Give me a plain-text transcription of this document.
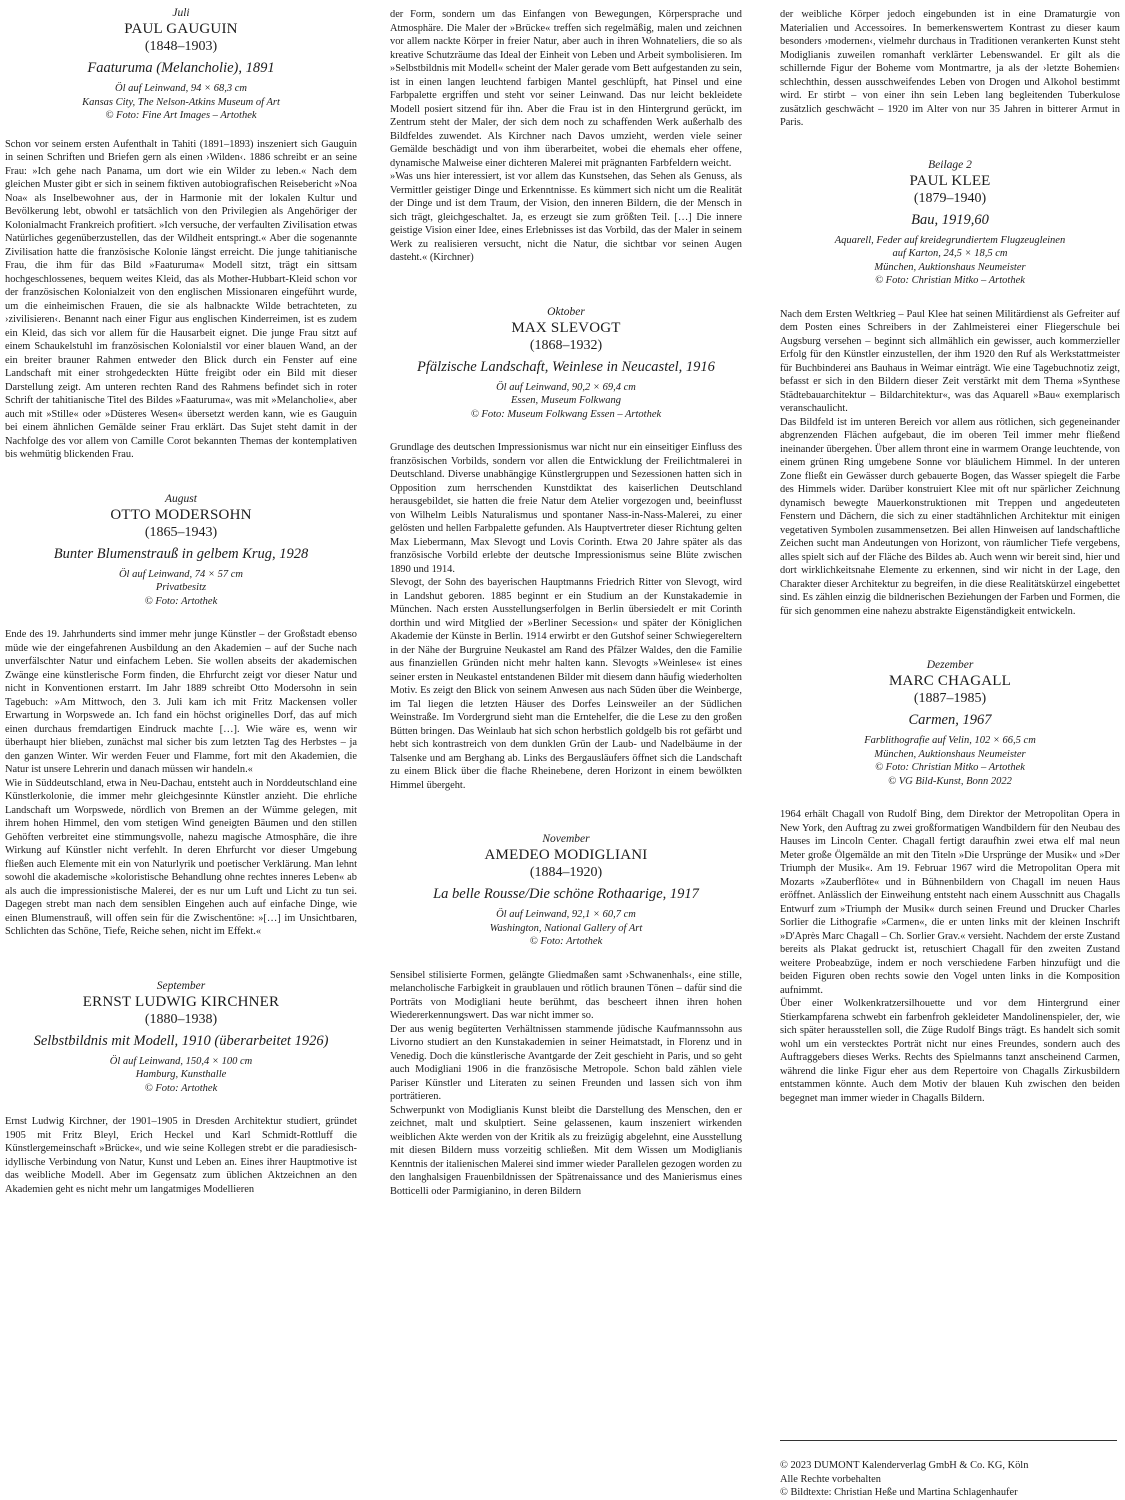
Juli
PAUL GAUGUIN
(1848–1903)
Faaturuma (Melancholie), 1891
Öl auf Leinwand, 94 × 68,3 cm
Kansas City, The Nelson-Atkins Museum of Art
© Foto: Fine Art Images – Artothek

Schon vor seinem ersten Aufenthalt in Tahiti (1891–1893) inszeniert sich Gauguin in seinen Schriften und Briefen gern als einen ›Wilden‹. 1886 schreibt er an seine Frau: »Ich gehe nach Panama, um dort wie ein Wilder zu leben.« Nach dem gleichen Muster gibt er sich in seinem fiktiven autobiografischen Reisebericht »Noa Noa« als Inselbewohner aus, der in Harmonie mit der lokalen Kultur und Bevölkerung lebt, obwohl er tatsächlich von den Privilegien als Angehöriger der Kolonialmacht Frankreich profitiert. »Ich versuche, der verfaulten Zivilisation etwas Natürliches gegenüberzustellen, das der Wildheit entspringt.« Aber die sogenannte Zivilisation hatte die französische Kolonie längst erreicht. Die junge tahitianische Frau, die ihm für das Bild »Faaturuma« Modell sitzt, trägt ein sittsam hochgeschlossenes, bequem weites Kleid, das als Mother-Hubbart-Kleid schon vor der französischen Kolonialzeit von den englischen Missionaren eingeführt wurde, um die einheimischen Frauen, die sie als halbnackte Wilde betrachteten, zu ›zivilisieren‹. Benannt nach einer Figur aus englischen Kinderreimen, ist es zudem ein Kleid, das sich vor allem für die Hausarbeit eignet. Die junge Frau sitzt auf einem Schaukelstuhl im französischen Kolonialstil vor einer blauen Wand, an der ein breiter brauner Rahmen entweder den Blick durch ein Fenster auf eine Landschaft mit einer strohgedeckten Hütte freigibt oder ein Bild mit dieser Darstellung zeigt. Am unteren rechten Rand des Rahmens befindet sich in roter Schrift der tahitianische Titel des Bildes »Faaturuma«, was mit »Melancholie«, aber auch mit »Stille« oder »Düsteres Wesen« übersetzt werden kann, wie es Gauguin bei einem ähnlichen Gemälde seiner Frau erklärt. Das Sujet steht damit in der Nachfolge des vor allem von Camille Corot bekannten Themas der kontemplativen bis wehmütig blickenden Frau.

August
OTTO MODERSOHN
(1865–1943)
Bunter Blumenstrauß in gelbem Krug, 1928
Öl auf Leinwand, 74 × 57 cm
Privatbesitz
© Foto: Artothek

Ende des 19. Jahrhunderts sind immer mehr junge Künstler – der Großstadt ebenso müde wie der eingefahrenen Ausbildung an den Akademien – auf der Suche nach unverfälschter Natur und einfachem Leben. Sie wollen abseits der akademischen Zwänge eine künstlerische Form finden, die Ehrfurcht zeigt vor dieser Natur und nicht in Konventionen erstarrt. Im Jahr 1889 schreibt Otto Modersohn in sein Tagebuch: »Am Mittwoch, den 3. Juli kam ich mit Fritz Mackensen voller Erwartung in Worpswede an. Ich fand ein höchst originelles Dorf, das auf mich einen durchaus fremdartigen Eindruck machte […]. Wie wäre es, wenn wir überhaupt hier blieben, zunächst mal sicher bis zum letzten Tag des Herbstes – ja den ganzen Winter. Wir werden Feuer und Flamme, fort mit den Akademien, die Natur ist unsere Lehrerin und danach müssen wir handeln.«

Wie in Süddeutschland, etwa in Neu-Dachau, entsteht auch in Norddeutschland eine Künstlerkolonie, die immer mehr gleichgesinnte Künstler anzieht. Die ehrliche Landschaft um Worpswede, nördlich von Bremen an der Wümme gelegen, mit ihrem hohen Himmel, den vom stetigen Wind geneigten Bäumen und den stillen Gehöften verbreitet eine stimmungsvolle, nahezu magische Atmosphäre, die ihre Wirkung auf Künstler nicht verfehlt. In deren Ehrfurcht vor dieser Umgebung fließen auch Elemente mit ein von Naturlyrik und poetischer Verklärung. Man lehnt sowohl die akademische »koloristische Behandlung ohne rechtes inneres Leben« ab als auch die impressionistische Malerei, der es nur um Luft und Licht zu tun sei. Dagegen strebt man nach dem sensiblen Eingehen auch auf einfache Dinge, wie einen Blumenstrauß, will offen sein für die Zwischentöne: »[…] im Unsichtbaren, Schlichten das Schöne, Tiefe, Reiche sehen, nicht im Effekt.«

September
ERNST LUDWIG KIRCHNER
(1880–1938)
Selbstbildnis mit Modell, 1910 (überarbeitet 1926)
Öl auf Leinwand, 150,4 × 100 cm
Hamburg, Kunsthalle
© Foto: Artothek

Ernst Ludwig Kirchner, der 1901–1905 in Dresden Architektur studiert, gründet 1905 mit Fritz Bleyl, Erich Heckel und Karl Schmidt-Rottluff die Künstlergemeinschaft »Brücke«, und wie seine Kollegen strebt er die paradiesisch-idyllische Verbindung von Natur, Kunst und Leben an. Eines ihrer Hauptmotive ist das weibliche Modell. Aber im Gegensatz zum üblichen Aktzeichnen an den Akademien geht es nicht mehr um langatmiges Modellieren

der Form, sondern um das Einfangen von Bewegungen, Körpersprache und Atmosphäre. Die Maler der »Brücke« treffen sich regelmäßig, malen und zeichnen vor allem nackte Körper in freier Natur, aber auch in ihren Wohnateliers, die so als kreative Schutzräume das Ideal der Einheit von Leben und Arbeit symbolisieren. Im »Selbstbildnis mit Modell« scheint der Maler gerade vom Bett aufgestanden zu sein, ist in einen langen leuchtend farbigen Mantel geschlüpft, hat Pinsel und eine Farbpalette ergriffen und steht vor seiner Leinwand. Das nur leicht bekleidete Modell posiert sitzend für ihn. Aber die Frau ist in den Hintergrund gerückt, im Zentrum steht der Maler, der sich dem noch zu schaffenden Werk außerhalb des Bildfeldes zuwendet. Als Kirchner nach Davos umzieht, werden viele seiner Gemälde beschädigt und von ihm überarbeitet, wobei die ehemals eher offene, dynamische Malweise einer dichteren Malerei mit prägnanten Farbfeldern weicht.

»Was uns hier interessiert, ist vor allem das Kunstsehen, das Sehen als Genuss, als Vermittler geistiger Dinge und Erkenntnisse. Es kümmert sich nicht um die Realität der Dinge und ist dem Traum, der Vision, den inneren Bildern, die der Mensch in sich trägt, gleichgeschaltet. Ja, es erzeugt sie zum größten Teil. […] Die innere geistige Vision einer Idee, eines Erlebnisses ist das Vorbild, das der Maler in seinem Werk zu realisieren versucht, nicht die Natur, die sichtbar vor seinen Augen dasteht.« (Kirchner)

Oktober
MAX SLEVOGT
(1868–1932)
Pfälzische Landschaft, Weinlese in Neucastel, 1916
Öl auf Leinwand, 90,2 × 69,4 cm
Essen, Museum Folkwang
© Foto: Museum Folkwang Essen – Artothek

Grundlage des deutschen Impressionismus war nicht nur ein einseitiger Einfluss des französischen Vorbilds, sondern vor allen die Entwicklung der Freilichtmalerei in Deutschland. Diverse unabhängige Künstlergruppen und Sezessionen hatten sich in Opposition zum herrschenden Kunstdiktat des kaiserlichen Deutschland herausgebildet, sie hatten die freie Natur dem Atelier vorgezogen und, beeinflusst von Wilhelm Leibls Naturalismus und spontaner Nass-in-Nass-Malerei, zu einer gelösten und hellen Farbpalette gefunden. Als Hauptvertreter dieser Richtung gelten Max Liebermann, Max Slevogt und Lovis Corinth. Etwa 20 Jahre später als das französische Vorbild erlebte der deutsche Impressionismus seine Blüte zwischen 1890 und 1914.

Slevogt, der Sohn des bayerischen Hauptmanns Friedrich Ritter von Slevogt, wird in Landshut geboren. 1885 beginnt er ein Studium an der Kunstakademie in München. Nach ersten Ausstellungserfolgen in Berlin übersiedelt er mit Corinth dorthin und wird Mitglied der »Berliner Secession« und später der Königlichen Akademie der Künste in Berlin. 1914 erwirbt er den Gutshof seiner Schwiegereltern in der Nähe der Burgruine Neukastel am Rand des Pfälzer Waldes, den die Familie aus finanziellen Gründen nicht mehr halten kann. Slevogts »Weinlese« ist eines seiner ersten in Neukastel entstandenen Bilder mit diesem dann häufig wiederholten Motiv. Es zeigt den Blick von seinem Anwesen aus nach Süden über die Weinberge, im Tal liegen die letzten Häuser des Dorfes Leinsweiler an der Südlichen Weinstraße. Im Vordergrund sieht man die Erntehelfer, die die Lese zu den großen Bütten bringen. Das Weinlaub hat sich schon herbstlich goldgelb bis rot gefärbt und hebt sich kontrastreich von dem dunklen Grün der Laub- und Nadelbäume in der Talsenke und am Berghang ab. Links des Bergausläufers öffnet sich die Landschaft zu einem Blick über die flache Rheinebene, deren Horizont in einem bewölkten Himmel übergeht.

November
AMEDEO MODIGLIANI
(1884–1920)
La belle Rousse/Die schöne Rothaarige, 1917
Öl auf Leinwand, 92,1 × 60,7 cm
Washington, National Gallery of Art
© Foto: Artothek

Sensibel stilisierte Formen, gelängte Gliedmaßen samt ›Schwanenhals‹, eine stille, melancholische Farbigkeit in graublauen und rötlich braunen Tönen – dafür sind die Porträts von Modigliani heute berühmt, das bescheert ihnen ihren hohen Wiedererkennungswert. Das war nicht immer so.

Der aus wenig begüterten Verhältnissen stammende jüdische Kaufmannssohn aus Livorno studiert an den Kunstakademien in seiner Heimatstadt, in Florenz und in Venedig. Doch die künstlerische Avantgarde der Zeit geschieht in Paris, und so geht auch Modigliani 1906 in die französische Metropole. Schon bald zählen viele Pariser Künstler und Literaten zu seinen Freunden und lassen sich von ihm porträtieren.

Schwerpunkt von Modiglianis Kunst bleibt die Darstellung des Menschen, den er zeichnet, malt und skulptiert. Seine gelassenen, kaum inszeniert wirkenden weiblichen Akte werden von der Kritik als zu freizügig abgelehnt, eine Ausstellung mit diesen Bildern muss vorzeitig schließen. Mit dem Wissen um Modiglianis Kenntnis der italienischen Malerei sind immer wieder Parallelen gezogen worden zu den langhalsigen Frauenbildnissen der Spätrenaissance und des Manierismus eines Botticelli oder Parmigianino, in deren Bildern

der weibliche Körper jedoch eingebunden ist in eine Dramaturgie von Materialien und Accessoires. In bemerkenswertem Kontrast zu dieser kaum besonders ›modernen‹, vielmehr durchaus in Traditionen verankerten Kunst steht Modiglianis zuweilen romanhaft verklärter Lebenswandel. Er gilt als die schillernde Figur der Boheme vom Montmartre, ja als der ›letzte Bohemien‹ schlechthin, dessen ausschweifendes Leben von Drogen und Alkohol bestimmt wird. Er stirbt – von einer ihn sein Leben lang begleitenden Tuberkulose zusätzlich geschwächt – 1920 im Alter von nur 35 Jahren in bitterer Armut in Paris.

Beilage 2
PAUL KLEE
(1879–1940)
Bau, 1919,60
Aquarell, Feder auf kreidegrundiertem Flugzeugleinen
auf Karton, 24,5 × 18,5 cm
München, Auktionshaus Neumeister
© Foto: Christian Mitko – Artothek

Nach dem Ersten Weltkrieg – Paul Klee hat seinen Militärdienst als Gefreiter auf dem Posten eines Schreibers in der Zahlmeisterei einer Fliegerschule bei Augsburg versehen – beginnt sich allmählich ein gewisser, auch kommerzieller Erfolg für den Künstler einzustellen, der ihm 1920 den Ruf als Werkstattmeister für Buchbinderei ans Bauhaus in Weimar einträgt. Wie eine Tagebuchnotiz zeigt, befasst er sich in den Bildern dieser Zeit verstärkt mit dem Thema »Synthese Städtebauarchitektur – Bildarchitektur«, was das Aquarell »Bau« exemplarisch veranschaulicht.

Das Bildfeld ist im unteren Bereich vor allem aus rötlichen, sich gegeneinander abgrenzenden Flächen aufgebaut, die im oberen Teil immer mehr fließend ineinander übergehen. Über allem thront eine in warmem Orange leuchtende, von einem grünen Ring umgebene Sonne vor bläulichem Himmel. In der unteren Zone fließt ein Gewässer durch gebauerte Bogen, das Wasser spiegelt die Farbe des Himmels wider. Darüber konstruiert Klee mit oft nur spärlicher Zeichnung dynamisch bewegte Mauerkonstruktionen mit Treppen und angedeuteten Fenstern und Dächern, die sich zu einer stadtähnlichen Architektur mit einigen vegetativen Symbolen zusammensetzen. Bei allen Hinweisen auf landschaftliche Zeichen sucht man Andeutungen von Horizont, von räumlicher Tiefe vergebens, alles spielt sich auf der Fläche des Bildes ab. Auch wenn wir bereit sind, hier und dort wirklichkeitsnahe Elemente zu erkennen, sind wir nicht in der Lage, den Charakter dieser Architektur zu begreifen, in die diese Realitätskürzel eingebettet sind. Es zählen einzig die bildnerischen Beziehungen der Farben und Formen, die für sich genommen eine nahezu abstrakte Eigenständigkeit entwickeln.

Dezember
MARC CHAGALL
(1887–1985)
Carmen, 1967
Farblithografie auf Velin, 102 × 66,5 cm
München, Auktionshaus Neumeister
© Foto: Christian Mitko – Artothek
© VG Bild-Kunst, Bonn 2022

1964 erhält Chagall von Rudolf Bing, dem Direktor der Metropolitan Opera in New York, den Auftrag zu zwei großformatigen Wandbildern für den Neubau des Hauses im Lincoln Center. Chagall fertigt daraufhin zwei etwa elf mal neun Meter große Ölgemälde an mit den Titeln »Die Ursprünge der Musik« und »Der Triumph der Musik«. Am 19. Februar 1967 wird die Metropolitan Opera mit Mozarts »Zauberflöte« und in Bühnenbildern von Chagall im neuen Haus eröffnet. Anlässlich der Einweihung entsteht nach einem Ausschnitt aus Chagalls Entwurf zum »Triumph der Musik« durch seinen Freund und Drucker Charles Sorlier die Lithografie »Carmen«, die er unten links mit der kleinen Inschrift »D'Après Marc Chagall – Ch. Sorlier Grav.« versieht. Nachdem der erste Zustand bereits als Plakat gedruckt ist, retuschiert Chagall für den zweiten Zustand weitere Probeabzüge, indem er noch verschiedene Farben hinzufügt und die beiden Figuren oben rechts sowie den Vogel unten links in die Komposition aufnimmt.

Über einer Wolkenkratzersilhouette und vor dem Hintergrund einer Stierkampfarena schwebt ein farbenfroh gekleideter Mandolinenspieler, der, wie sich später herausstellen soll, die Züge Rudolf Bings trägt. Es handelt sich somit wohl um ein verstecktes Porträt nicht nur eines Freundes, sondern auch des Auftraggebers dieses Werks. Rechts des Spielmanns tanzt anscheinend Carmen, während die linke Figur eher aus dem Repertoire von Chagalls Zirkusbildern entstammen könnte. Auch dem Motiv der blauen Kuh zwischen den beiden begegnet man immer wieder in Chagalls Bildern.

© 2023 DUMONT Kalenderverlag GmbH & Co. KG, Köln
Alle Rechte vorbehalten
© Bildtexte: Christian Heße und Martina Schlagenhaufer
